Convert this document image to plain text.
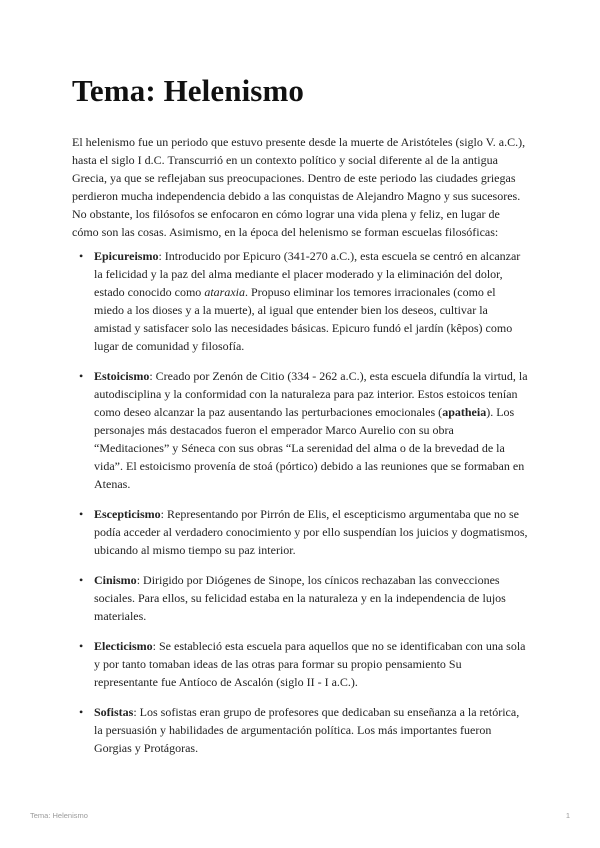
Tema: Helenismo

El helenismo fue un periodo que estuvo presente desde la muerte de Aristóteles (siglo V. a.C.), hasta el siglo I d.C. Transcurrió en un contexto político y social diferente al de la antigua Grecia, ya que se reflejaban sus preocupaciones. Dentro de este periodo las ciudades griegas perdieron mucha independencia debido a las conquistas de Alejandro Magno y sus sucesores. No obstante, los filósofos se enfocaron en cómo lograr una vida plena y feliz, en lugar de cómo son las cosas. Asimismo, en la época del helenismo se forman escuelas filosóficas:

• Epicureismo: Introducido por Epicuro (341-270 a.C.), esta escuela se centró en alcanzar la felicidad y la paz del alma mediante el placer moderado y la eliminación del dolor, estado conocido como ataraxia. Propuso eliminar los temores irracionales (como el miedo a los dioses y a la muerte), al igual que entender bien los deseos, cultivar la amistad y satisfacer solo las necesidades básicas. Epicuro fundó el jardín (kêpos) como lugar de comunidad y filosofía.
• Estoicismo: Creado por Zenón de Citio (334 - 262 a.C.), esta escuela difundía la virtud, la autodisciplina y la conformidad con la naturaleza para paz interior. Estos estoicos tenían como deseo alcanzar la paz ausentando las perturbaciones emocionales (apatheia). Los personajes más destacados fueron el emperador Marco Aurelio con su obra “Meditaciones” y Séneca con sus obras “La serenidad del alma o de la brevedad de la vida”. El estoicismo provenía de stoá (pórtico) debido a las reuniones que se formaban en Atenas.
• Escepticismo: Representando por Pirrón de Elis, el escepticismo argumentaba que no se podía acceder al verdadero conocimiento y por ello suspendían los juicios y dogmatismos, ubicando al mismo tiempo su paz interior.
• Cinismo: Dirigido por Diógenes de Sinope, los cínicos rechazaban las convecciones sociales. Para ellos, su felicidad estaba en la naturaleza y en la independencia de lujos materiales.
• Electicismo: Se estableció esta escuela para aquellos que no se identificaban con una sola y por tanto tomaban ideas de las otras para formar su propio pensamiento Su representante fue Antíoco de Ascalón (siglo II - I a.C.).
• Sofistas: Los sofistas eran grupo de profesores que dedicaban su enseñanza a la retórica, la persuasión y habilidades de argumentación política. Los más importantes fueron Gorgias y Protágoras.
Tema: Helenismo	1
